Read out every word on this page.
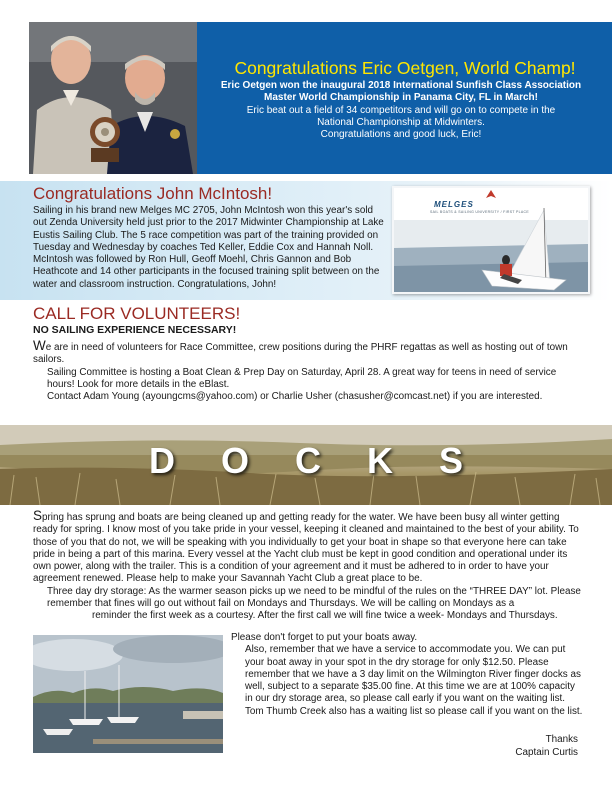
Congratulations Eric Oetgen, World Champ!
Eric Oetgen won the inaugural 2018 International Sunfish Class Association
Master World Championship in Panama City, FL in March!
Eric beat out a field of 34 competitors and will go on to compete in the
National Championship at Midwinters.
Congratulations and good luck, Eric!
Congratulations John McIntosh!
Sailing in his brand new Melges MC 2705, John McIntosh won this year's sold out Zenda University held just prior to the 2017 Midwinter Championship at Lake Eustis Sailing Club. The 5 race competition was part of the training provided on Tuesday and Wednesday by coaches Ted Keller, Eddie Cox and Hannah Noll. McIntosh was followed by Ron Hull, Geoff Moehl, Chris Gannon and Bob Heathcote and 14 other participants in the focused training split between on the water and classroom instruction. Congratulations, John!
MELGES
SAIL BOATS & SAILING UNIVERSITY / FIRST PLACE
CALL FOR VOLUNTEERS!
NO SAILING EXPERIENCE NECESSARY!

We are in need of volunteers for Race Committee, crew positions during the PHRF regattas as well as hosting out of town sailors.

Sailing Committee is hosting a Boat Clean & Prep Day on Saturday, April 28. A great way for teens in need of service hours! Look for more details in the eBlast.

Contact Adam Young (ayoungcms@yahoo.com) or Charlie Usher (chasusher@comcast.net) if you are interested.

DOCKS

Spring has sprung and boats are being cleaned up and getting ready for the water. We have been busy all winter getting ready for spring. I know most of you take pride in your vessel, keeping it cleaned and maintained to the best of your ability. To those of you that do not, we will be speaking with you individually to get your boat in shape so that everyone here can take pride in being a part of this marina. Every vessel at the Yacht club must be kept in good condition and operational under its own power, along with the trailer. This is a condition of your agreement and it must be adhered to in order to have your agreement renewed. Please help to make your Savannah Yacht Club a great place to be.

Three day dry storage: As the warmer season picks up we need to be mindful of the rules on the “THREE DAY” lot. Please remember that fines will go out without fail on Mondays and Thursdays. We will be calling on Mondays as a

reminder the first week as a courtesy. After the first call we will fine twice a week- Mondays and Thursdays.

Please don't forget to put your boats away.

Also, remember that we have a service to accommodate you. We can put your boat away in your spot in the dry storage for only $12.50. Please remember that we have a 3 day limit on the Wilmington River finger docks as well, subject to a separate $35.00 fine. At this time we are at 100% capacity in our dry storage area, so please call early if you want on the waiting list. Tom Thumb Creek also has a waiting list so please call if you want on the list.

Thanks
Captain Curtis
